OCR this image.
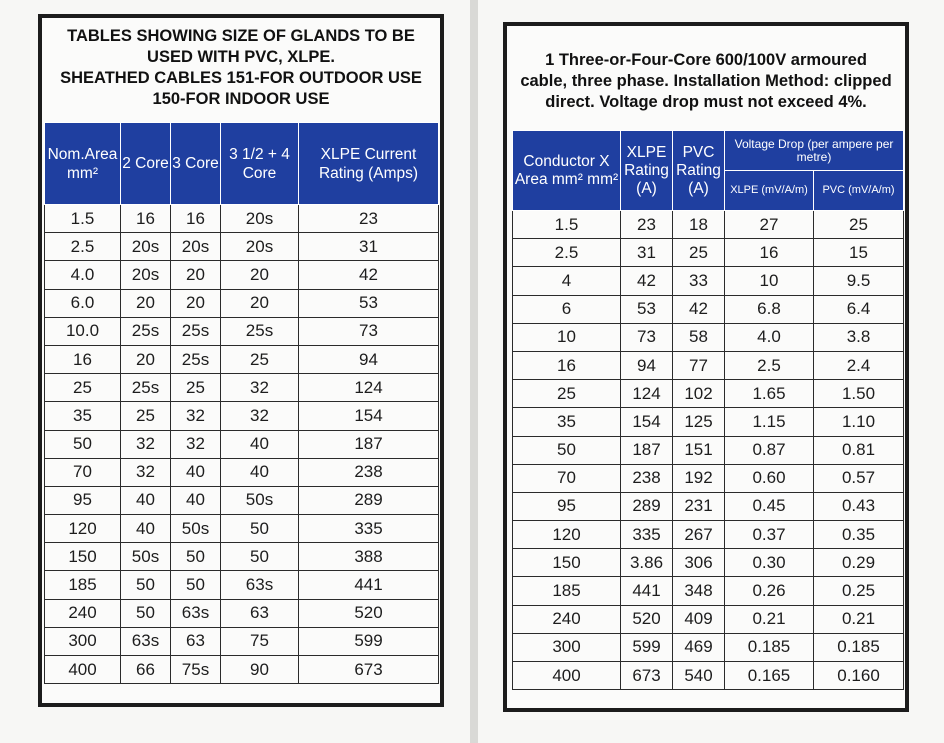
TABLES SHOWING SIZE OF GLANDS TO BE
USED WITH PVC, XLPE.
SHEATHED CABLES 151-FOR OUTDOOR USE
150-FOR INDOOR USE
Nom.Area mm²	2 Core	3 Core	3 1/2 + 4 Core	XLPE Current Rating (Amps)
1.5	16	16	20s	23
2.5	20s	20s	20s	31
4.0	20s	20	20	42
6.0	20	20	20	53
10.0	25s	25s	25s	73
16	20	25s	25	94
25	25s	25	32	124
35	25	32	32	154
50	32	32	40	187
70	32	40	40	238
95	40	40	50s	289
120	40	50s	50	335
150	50s	50	50	388
185	50	50	63s	441
240	50	63s	63	520
300	63s	63	75	599
400	66	75s	90	673
1 Three-or-Four-Core 600/100V armoured
cable, three phase. Installation Method: clipped
direct. Voltage drop must not exceed 4%.
Conductor X Area mm² mm²	XLPE Rating (A)	PVC Rating (A)	Voltage Drop (per ampere per metre)	
			XLPE (mV/A/m)	PVC (mV/A/m)
1.5	23	18	27	25
2.5	31	25	16	15
4	42	33	10	9.5
6	53	42	6.8	6.4
10	73	58	4.0	3.8
16	94	77	2.5	2.4
25	124	102	1.65	1.50
35	154	125	1.15	1.10
50	187	151	0.87	0.81
70	238	192	0.60	0.57
95	289	231	0.45	0.43
120	335	267	0.37	0.35
150	3.86	306	0.30	0.29
185	441	348	0.26	0.25
240	520	409	0.21	0.21
300	599	469	0.185	0.185
400	673	540	0.165	0.160
